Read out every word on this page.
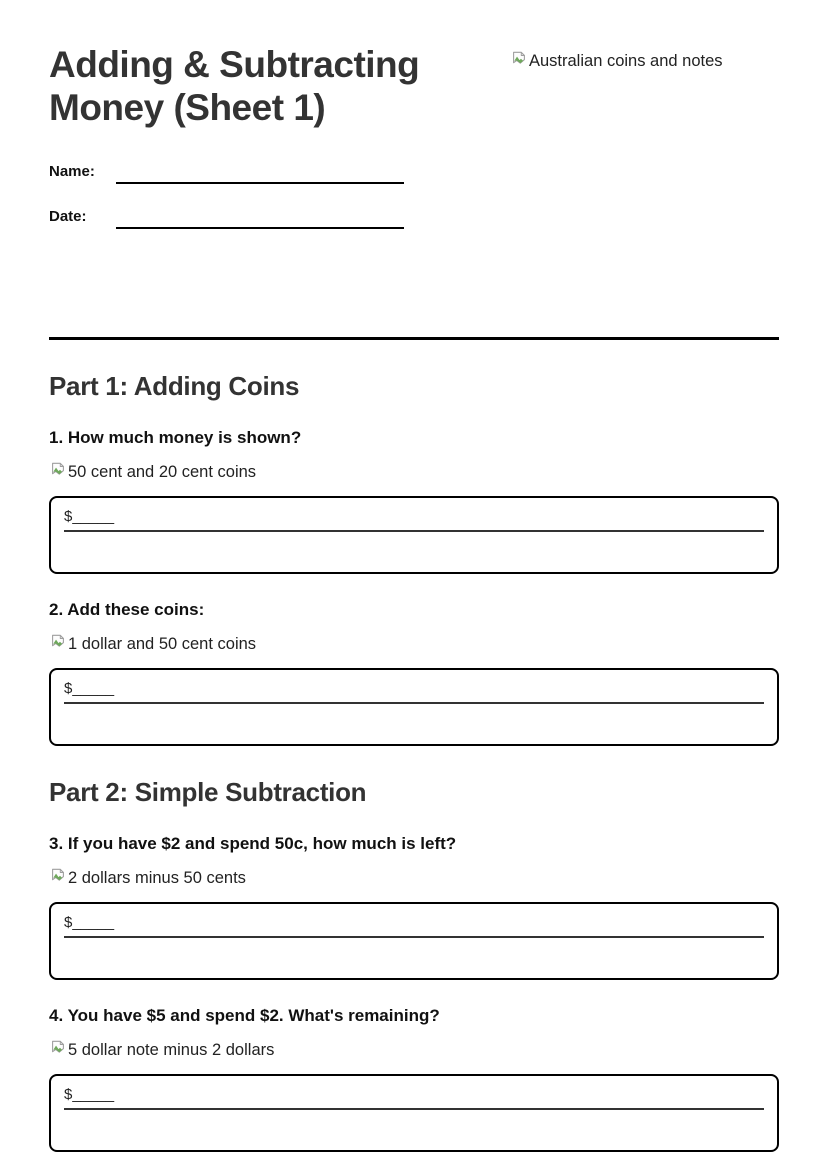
Adding & Subtracting Money (Sheet 1)
Australian coins and notes
Name:
Date:
Part 1: Adding Coins

1. How much money is shown?

50 cent and 20 cent coins
$_____

2. Add these coins:

1 dollar and 50 cent coins
$_____
Part 2: Simple Subtraction

3. If you have $2 and spend 50c, how much is left?

2 dollars minus 50 cents
$_____

4. You have $5 and spend $2. What's remaining?

5 dollar note minus 2 dollars
$_____
